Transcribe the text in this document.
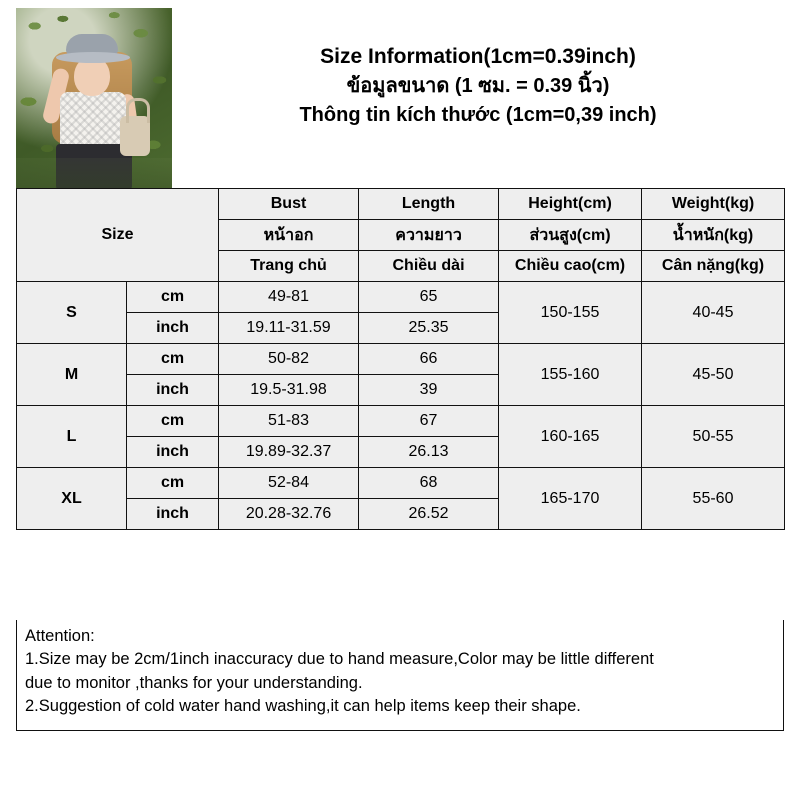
Size Information(1cm=0.39inch)
ข้อมูลขนาด (1 ซม. = 0.39 นิ้ว)
Thông tin kích thước (1cm=0,39 inch)
Size		Bust	Length	Height(cm)	Weight(kg)
		หน้าอก	ความยาว	ส่วนสูง(cm)	น้ำหนัก(kg)
		Trang chủ	Chiều dài	Chiều cao(cm)	Cân nặng(kg)
S	cm	49-81	65	150-155	40-45
	inch	19.11-31.59	25.35		
M	cm	50-82	66	155-160	45-50
	inch	19.5-31.98	39		
L	cm	51-83	67	160-165	50-55
	inch	19.89-32.37	26.13		
XL	cm	52-84	68	165-170	55-60
	inch	20.28-32.76	26.52		

Attention:

1.Size may be 2cm/1inch inaccuracy due to hand measure,Color may be little different

due to monitor ,thanks for your understanding.

2.Suggestion of cold water hand washing,it can help items keep their shape.
